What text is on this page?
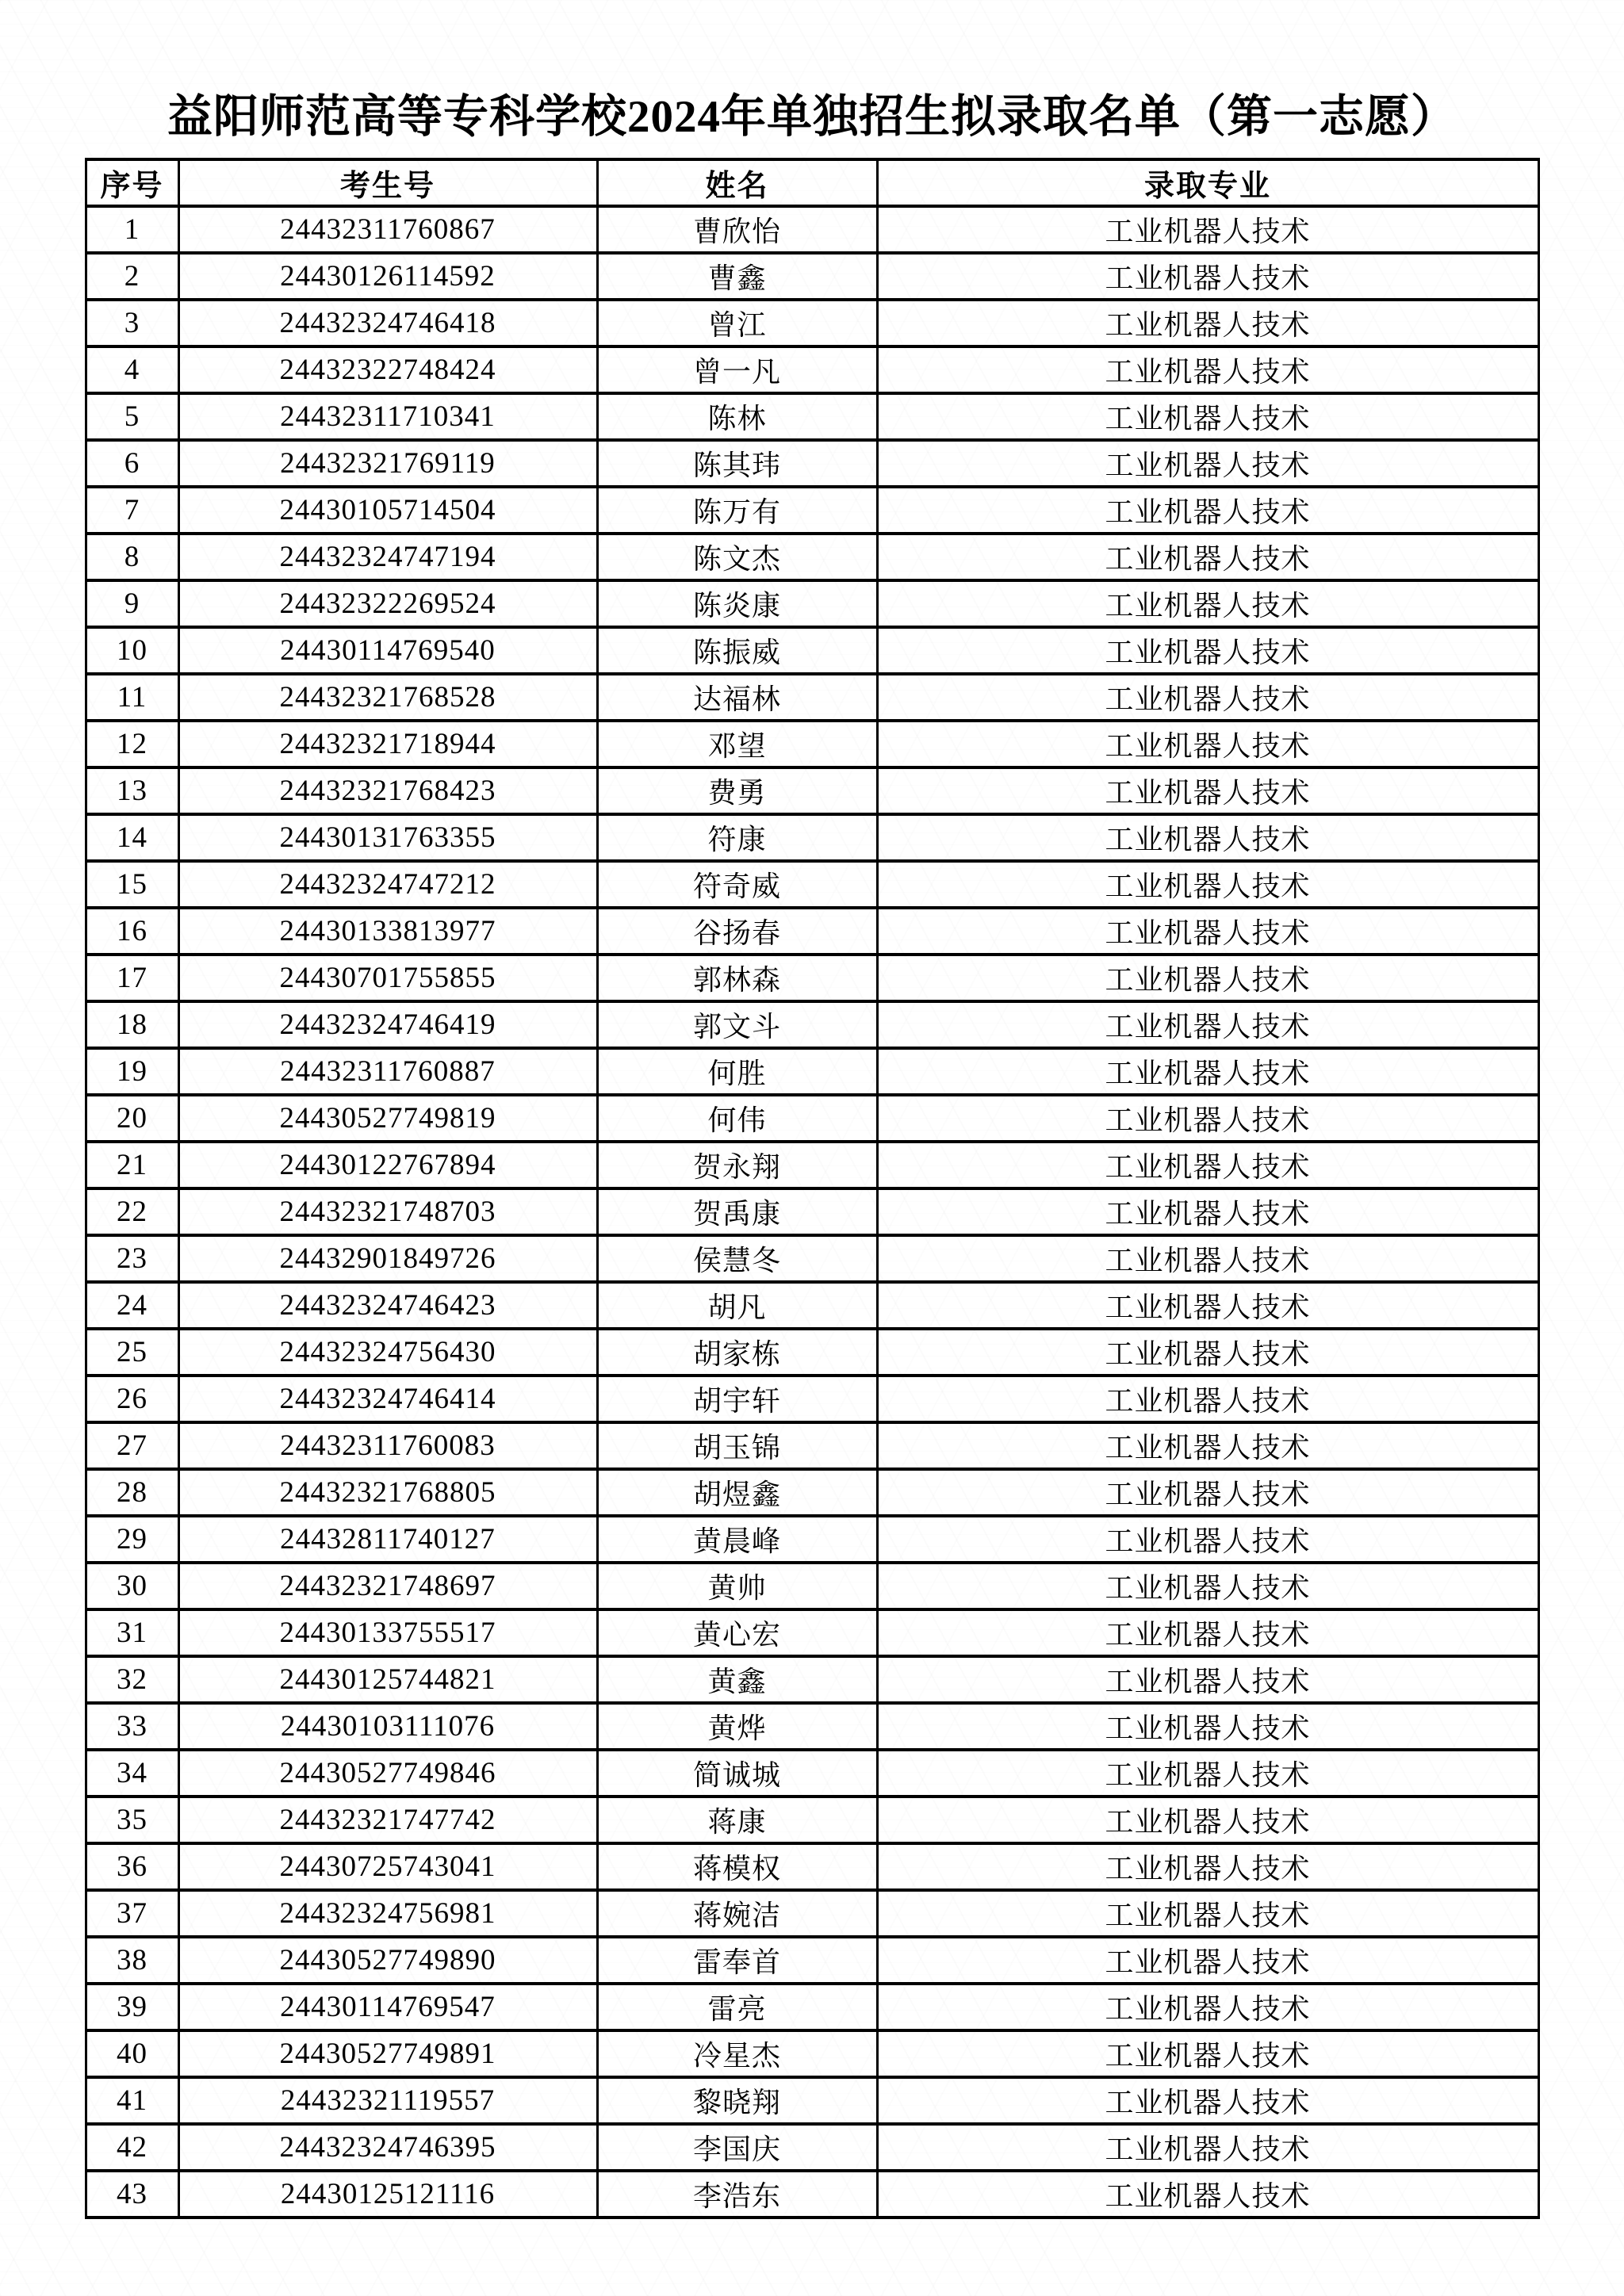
益阳师范高等专科学校2024年单独招生拟录取名单（第一志愿）
序号	考生号	姓名	录取专业
1	24432311760867	曹欣怡	工业机器人技术
2	24430126114592	曹鑫	工业机器人技术
3	24432324746418	曾江	工业机器人技术
4	24432322748424	曾一凡	工业机器人技术
5	24432311710341	陈林	工业机器人技术
6	24432321769119	陈其玮	工业机器人技术
7	24430105714504	陈万有	工业机器人技术
8	24432324747194	陈文杰	工业机器人技术
9	24432322269524	陈炎康	工业机器人技术
10	24430114769540	陈振威	工业机器人技术
11	24432321768528	达福林	工业机器人技术
12	24432321718944	邓望	工业机器人技术
13	24432321768423	费勇	工业机器人技术
14	24430131763355	符康	工业机器人技术
15	24432324747212	符奇威	工业机器人技术
16	24430133813977	谷扬春	工业机器人技术
17	24430701755855	郭林森	工业机器人技术
18	24432324746419	郭文斗	工业机器人技术
19	24432311760887	何胜	工业机器人技术
20	24430527749819	何伟	工业机器人技术
21	24430122767894	贺永翔	工业机器人技术
22	24432321748703	贺禹康	工业机器人技术
23	24432901849726	侯慧冬	工业机器人技术
24	24432324746423	胡凡	工业机器人技术
25	24432324756430	胡家栋	工业机器人技术
26	24432324746414	胡宇轩	工业机器人技术
27	24432311760083	胡玉锦	工业机器人技术
28	24432321768805	胡煜鑫	工业机器人技术
29	24432811740127	黄晨峰	工业机器人技术
30	24432321748697	黄帅	工业机器人技术
31	24430133755517	黄心宏	工业机器人技术
32	24430125744821	黄鑫	工业机器人技术
33	24430103111076	黄烨	工业机器人技术
34	24430527749846	简诚城	工业机器人技术
35	24432321747742	蒋康	工业机器人技术
36	24430725743041	蒋模权	工业机器人技术
37	24432324756981	蒋婉洁	工业机器人技术
38	24430527749890	雷奉首	工业机器人技术
39	24430114769547	雷亮	工业机器人技术
40	24430527749891	冷星杰	工业机器人技术
41	24432321119557	黎晓翔	工业机器人技术
42	24432324746395	李国庆	工业机器人技术
43	24430125121116	李浩东	工业机器人技术
